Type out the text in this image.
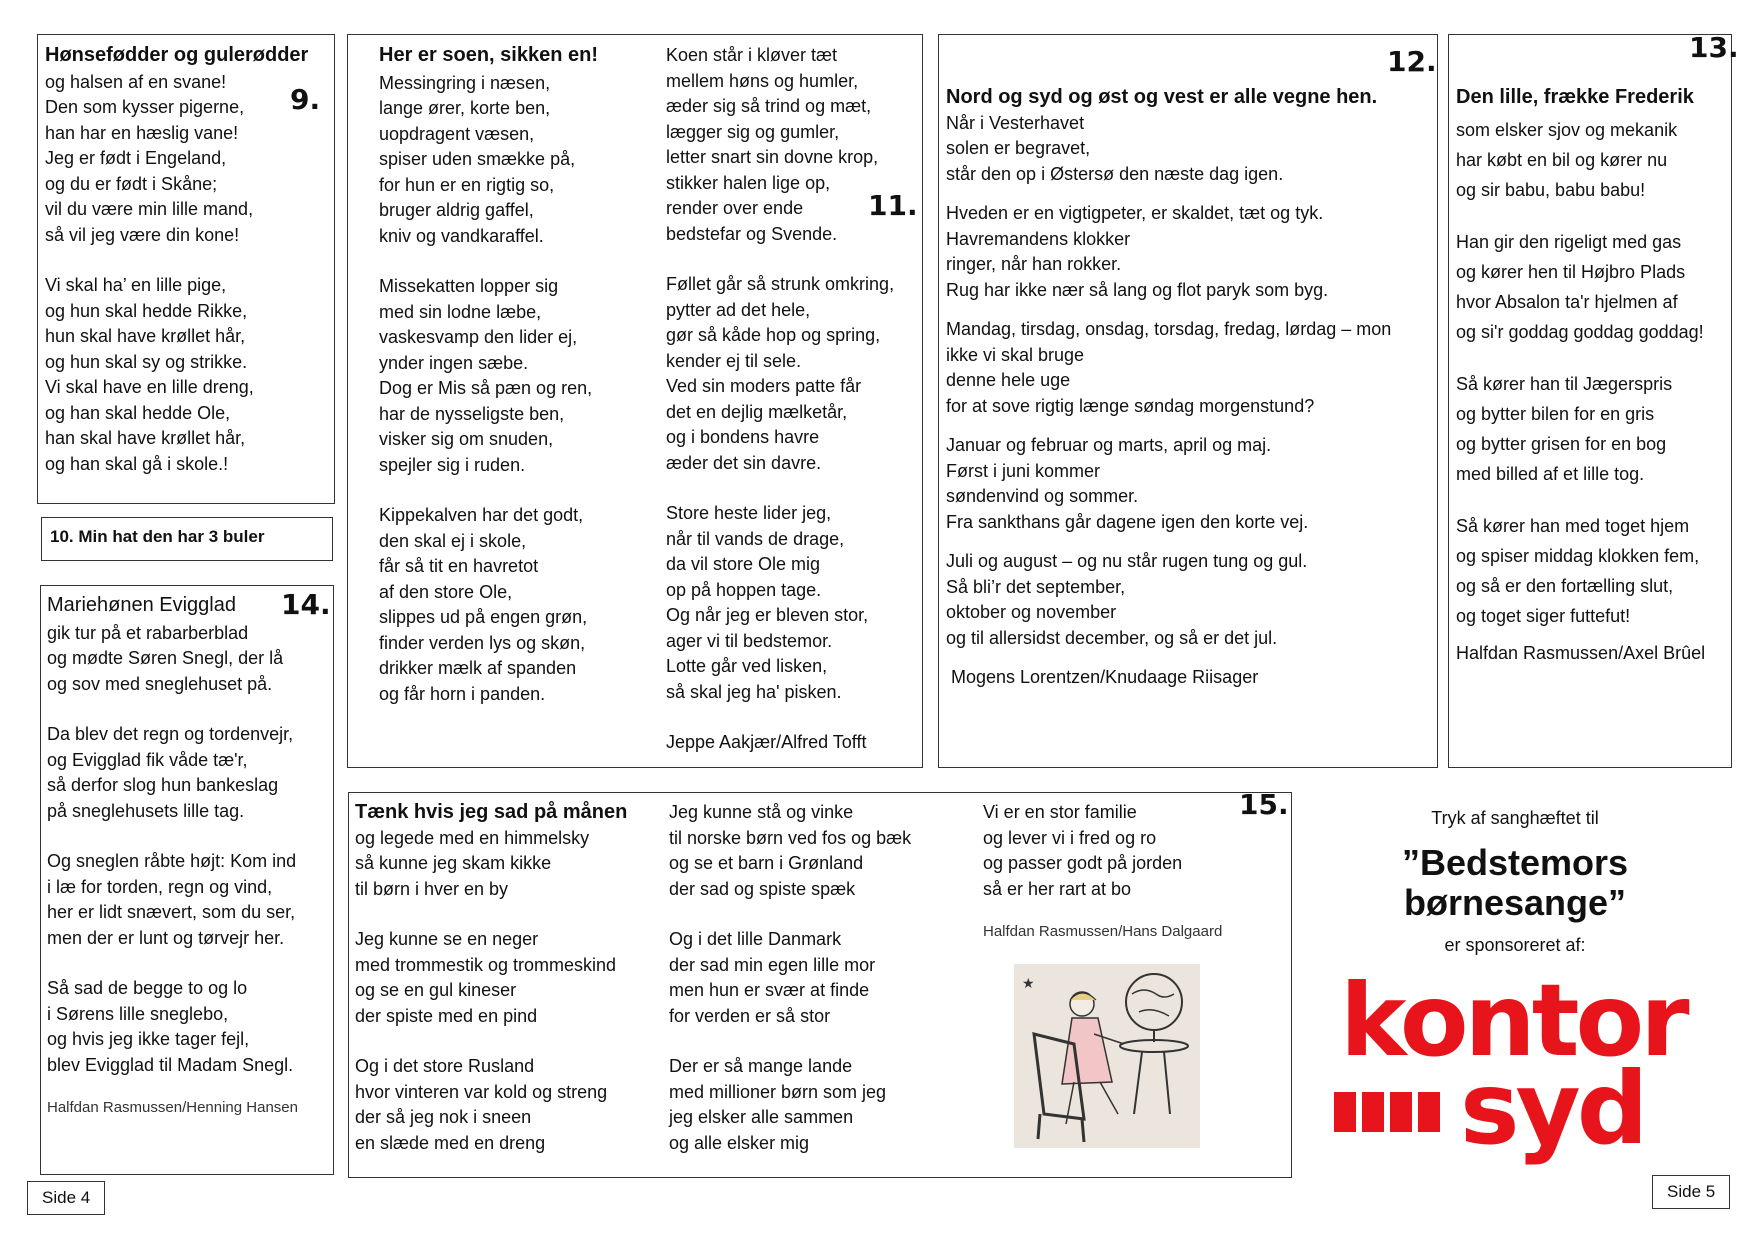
Hønsefødder og gulerødder
og halsen af en svane!
Den som kysser pigerne,
han har en hæslig vane!
Jeg er født i Engeland,
og du er født i Skåne;
vil du være min lille mand,
så vil jeg være din kone!
Vi skal ha’ en lille pige,
og hun skal hedde Rikke,
hun skal have krøllet hår,
og hun skal sy og strikke.
Vi skal have en lille dreng,
og han skal hedde Ole,
han skal have krøllet hår,
og han skal gå i skole.!
9.
10. Min hat den har 3 buler
Mariehønen Evigglad
gik tur på et rabarberblad
og mødte Søren Snegl, der lå
og sov med sneglehuset på.
Da blev det regn og tordenvejr,
og Evigglad fik våde tæ'r,
så derfor slog hun bankeslag
på sneglehusets lille tag.
Og sneglen råbte højt: Kom ind
i læ for torden, regn og vind,
her er lidt snævert, som du ser,
men der er lunt og tørvejr her.
Så sad de begge to og lo
i Sørens lille sneglebo,
og hvis jeg ikke tager fejl,
blev Evigglad til Madam Snegl.
Halfdan Rasmussen/Henning Hansen
14.
Her er soen, sikken en!
Messingring i næsen,
lange ører, korte ben,
uopdragent væsen,
spiser uden smække på,
for hun er en rigtig so,
bruger aldrig gaffel,
kniv og vandkaraffel.
Missekatten lopper sig
med sin lodne læbe,
vaskesvamp den lider ej,
ynder ingen sæbe.
Dog er Mis så pæn og ren,
har de nysseligste ben,
visker sig om snuden,
spejler sig i ruden.
Kippekalven har det godt,
den skal ej i skole,
får så tit en havretot
af den store Ole,
slippes ud på engen grøn,
finder verden lys og skøn,
drikker mælk af spanden
og får horn i panden.
Koen står i kløver tæt
mellem høns og humler,
æder sig så trind og mæt,
lægger sig og gumler,
letter snart sin dovne krop,
stikker halen lige op,
render over ende
bedstefar og Svende.
Føllet går så strunk omkring,
pytter ad det hele,
gør så kåde hop og spring,
kender ej til sele.
Ved sin moders patte får
det en dejlig mælketår,
og i bondens havre
æder det sin davre.
Store heste lider jeg,
når til vands de drage,
da vil store Ole mig
op på hoppen tage.
Og når jeg er bleven stor,
ager vi til bedstemor.
Lotte går ved lisken,
så skal jeg ha' pisken.
Jeppe Aakjær/Alfred Tofft
11.
Nord og syd og øst og vest er alle vegne hen.
Når i Vesterhavet
solen er begravet,
står den op i Østersø den næste dag igen.
Hveden er en vigtigpeter, er skaldet, tæt og tyk.
Havremandens klokker
ringer, når han rokker.
Rug har ikke nær så lang og flot paryk som byg.
Mandag, tirsdag, onsdag, torsdag, fredag, lørdag – mon
ikke vi skal bruge
denne hele uge
for at sove rigtig længe søndag morgenstund?
Januar og februar og marts, april og maj.
Først i juni kommer
søndenvind og sommer.
Fra sankthans går dagene igen den korte vej.
Juli og august – og nu står rugen tung og gul.
Så bli’r det september,
oktober og november
og til allersidst december, og så er det jul.
Mogens Lorentzen/Knudaage Riisager
12.
Den lille, frække Frederik
som elsker sjov og mekanik
har købt en bil og kører nu
og sir babu, babu babu!
Han gir den rigeligt med gas
og kører hen til Højbro Plads
hvor Absalon ta'r hjelmen af
og si'r goddag goddag goddag!
Så kører han til Jægerspris
og bytter bilen for en gris
og bytter grisen for en bog
med billed af et lille tog.
Så kører han med toget hjem
og spiser middag klokken fem,
og så er den fortælling slut,
og toget siger futtefut!
Halfdan Rasmussen/Axel Brûel
13.
Tænk hvis jeg sad på månen
og legede med en himmelsky
så kunne jeg skam kikke
til børn i hver en by
Jeg kunne se en neger
med trommestik og trommeskind
og se en gul kineser
der spiste med en pind
Og i det store Rusland
hvor vinteren var kold og streng
der så jeg nok i sneen
en slæde med en dreng
Jeg kunne stå og vinke
til norske børn ved fos og bæk
og se et barn i Grønland
der sad og spiste spæk
Og i det lille Danmark
der sad min egen lille mor
men hun er svær at finde
for verden er så stor
Der er så mange lande
med millioner børn som jeg
jeg elsker alle sammen
og alle elsker mig
Vi er en stor familie
og lever vi i fred og ro
og passer godt på jorden
så er her rart at bo
Halfdan Rasmussen/Hans Dalgaard
15.
★
Tryk af sanghæftet til
”Bedstemors
børnesange”
er sponsoreret af:
kontor
syd
Side 4	Side 5
